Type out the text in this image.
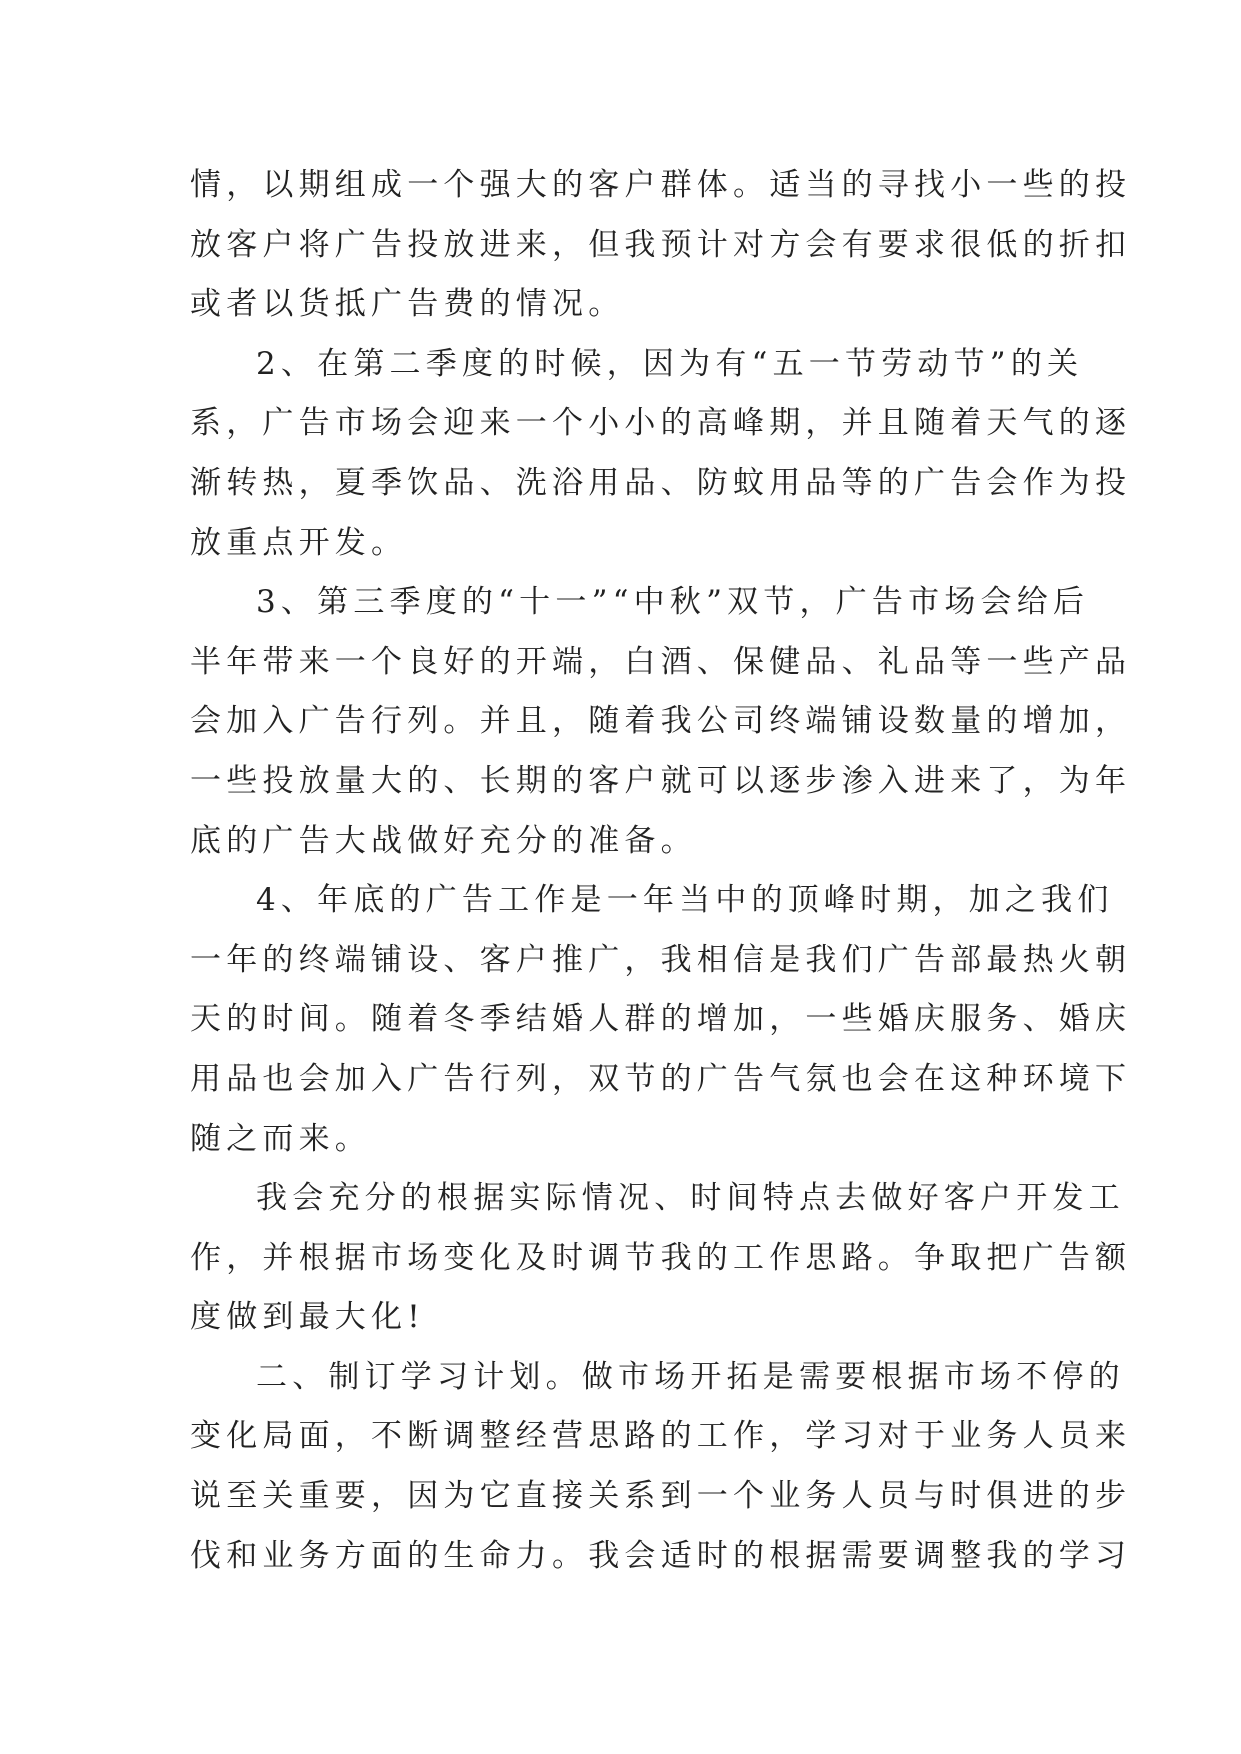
情，以期组成一个强大的客户群体。适当的寻找小一些的投
放客户将广告投放进来，但我预计对方会有要求很低的折扣
或者以货抵广告费的情况。
2、在第二季度的时候，因为有“五一节劳动节”的关
系，广告市场会迎来一个小小的高峰期，并且随着天气的逐
渐转热，夏季饮品、洗浴用品、防蚊用品等的广告会作为投
放重点开发。
3、第三季度的“十一”“中秋”双节，广告市场会给后
半年带来一个良好的开端，白酒、保健品、礼品等一些产品
会加入广告行列。并且，随着我公司终端铺设数量的增加，
一些投放量大的、长期的客户就可以逐步渗入进来了，为年
底的广告大战做好充分的准备。
4、年底的广告工作是一年当中的顶峰时期，加之我们
一年的终端铺设、客户推广，我相信是我们广告部最热火朝
天的时间。随着冬季结婚人群的增加，一些婚庆服务、婚庆
用品也会加入广告行列，双节的广告气氛也会在这种环境下
随之而来。
我会充分的根据实际情况、时间特点去做好客户开发工
作，并根据市场变化及时调节我的工作思路。争取把广告额
度做到最大化!
二、制订学习计划。做市场开拓是需要根据市场不停的
变化局面，不断调整经营思路的工作，学习对于业务人员来
说至关重要，因为它直接关系到一个业务人员与时俱进的步
伐和业务方面的生命力。我会适时的根据需要调整我的学习
